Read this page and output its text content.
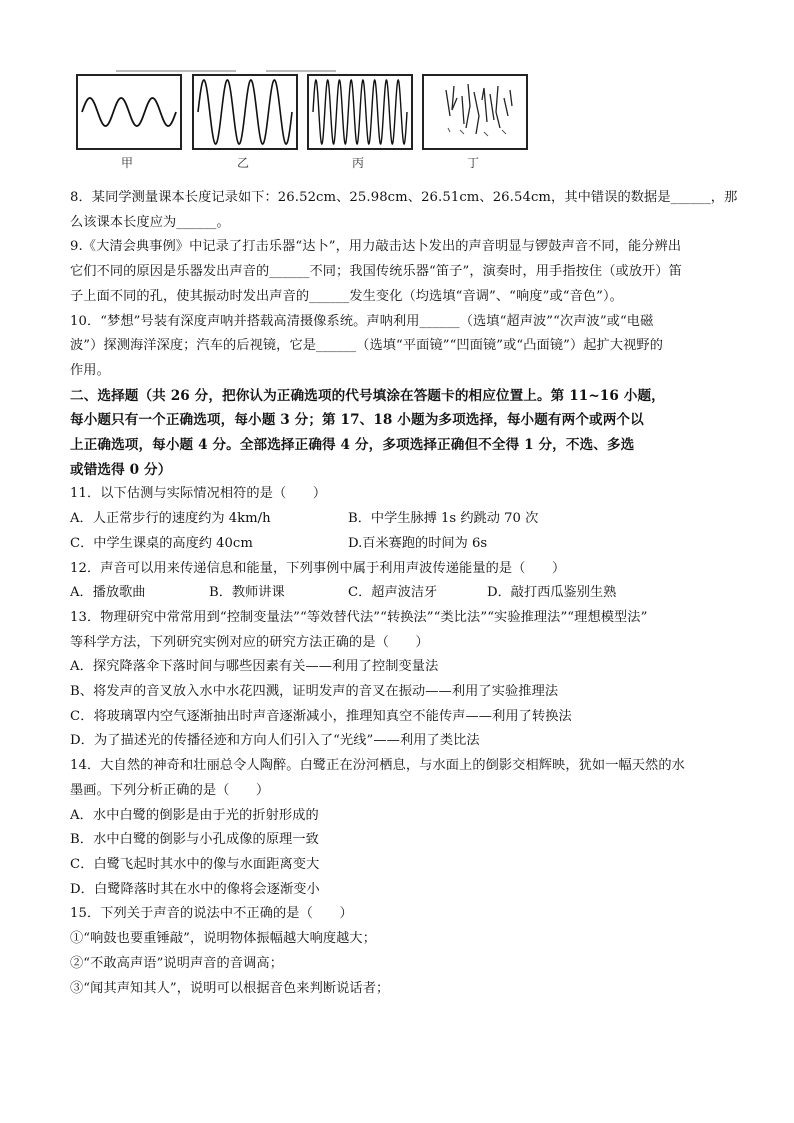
甲	乙	丙	丁
8．某同学测量课本长度记录如下：26.52cm、25.98cm、26.51cm、26.54cm，其中错误的数据是______，那
么该课本长度应为______。
9.《大清会典事例》中记录了打击乐器“达卜”，用力敲击达卜发出的声音明显与锣鼓声音不同，能分辨出
它们不同的原因是乐器发出声音的______不同；我国传统乐器“笛子”，演奏时，用手指按住（或放开）笛
子上面不同的孔，使其振动时发出声音的______发生变化（均选填“音调”、“响度”或“音色”）。
10．“梦想”号装有深度声呐并搭载高清摄像系统。声呐利用______（选填“超声波”“次声波”或“电磁
波”）探测海洋深度；汽车的后视镜，它是______（选填“平面镜”“凹面镜”或“凸面镜”）起扩大视野的
作用。
二、选择题（共 26 分，把你认为正确选项的代号填涂在答题卡的相应位置上。第 11~16 小题，
每小题只有一个正确选项，每小题 3 分；第 17、18 小题为多项选择，每小题有两个或两个以
上正确选项，每小题 4 分。全部选择正确得 4 分，多项选择正确但不全得 1 分，不选、多选
或错选得 0 分）
11．以下估测与实际情况相符的是（　　）
A．人正常步行的速度约为 4km/h	B．中学生脉搏 1s 约跳动 70 次
C．中学生课桌的高度约 40cm	D.百米赛跑的时间为 6s
12．声音可以用来传递信息和能量，下列事例中属于利用声波传递能量的是（　　）
A．播放歌曲	B．教师讲课	C．超声波洁牙	D．敲打西瓜鉴别生熟
13．物理研究中常常用到“控制变量法”“等效替代法”“转换法”“类比法”“实验推理法”“理想模型法”
等科学方法，下列研究实例对应的研究方法正确的是（　　）
A．探究降落伞下落时间与哪些因素有关——利用了控制变量法
B、将发声的音叉放入水中水花四溅，证明发声的音叉在振动——利用了实验推理法
C．将玻璃罩内空气逐渐抽出时声音逐渐减小，推理知真空不能传声——利用了转换法
D．为了描述光的传播径迹和方向人们引入了“光线”——利用了类比法
14．大自然的神奇和壮丽总令人陶醉。白鹭正在汾河栖息，与水面上的倒影交相辉映，犹如一幅天然的水
墨画。下列分析正确的是（　　）
A．水中白鹭的倒影是由于光的折射形成的
B．水中白鹭的倒影与小孔成像的原理一致
C．白鹭飞起时其水中的像与水面距离变大
D．白鹭降落时其在水中的像将会逐渐变小
15．下列关于声音的说法中不正确的是（　　）
①“响鼓也要重锤敲”，说明物体振幅越大响度越大；
②“不敢高声语”说明声音的音调高；
③“闻其声知其人”，说明可以根据音色来判断说话者；
